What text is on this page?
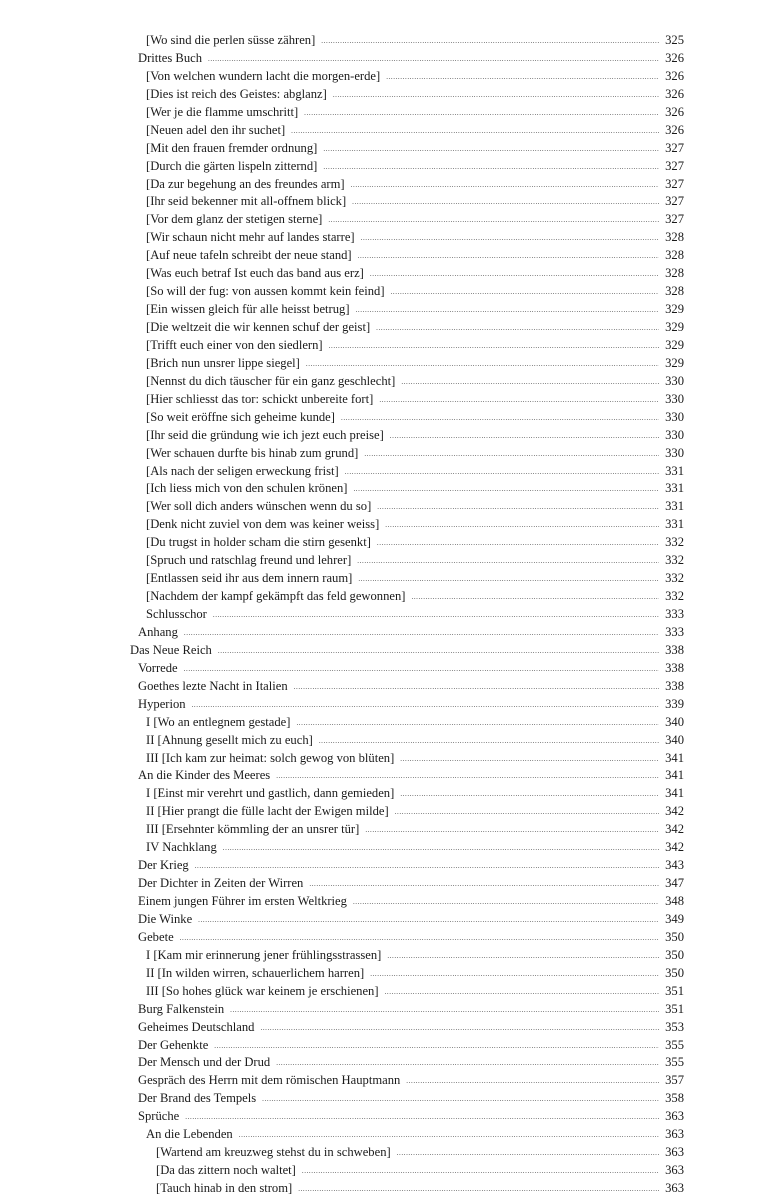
[Wo sind die perlen süsse zähren] .....	325
Drittes Buch .....	326
[Von welchen wundern lacht die morgen-erde] .....	326
[Dies ist reich des Geistes: abglanz] .....	326
[Wer je die flamme umschritt] .....	326
[Neuen adel den ihr suchet] .....	326
[Mit den frauen fremder ordnung] .....	327
[Durch die gärten lispeln zitternd] .....	327
[Da zur begehung an des freundes arm] .....	327
[Ihr seid bekenner mit all-offnem blick] .....	327
[Vor dem glanz der stetigen sterne] .....	327
[Wir schaun nicht mehr auf landes starre] .....	328
[Auf neue tafeln schreibt der neue stand] .....	328
[Was euch betraf Ist euch das band aus erz] .....	328
[So will der fug: von aussen kommt kein feind] .....	328
[Ein wissen gleich für alle heisst betrug] .....	329
[Die weltzeit die wir kennen schuf der geist] .....	329
[Trifft euch einer von den siedlern] .....	329
[Brich nun unsrer lippe siegel] .....	329
[Nennst du dich täuscher für ein ganz geschlecht] .....	330
[Hier schliesst das tor: schickt unbereite fort] .....	330
[So weit eröffne sich geheime kunde] .....	330
[Ihr seid die gründung wie ich jezt euch preise] .....	330
[Wer schauen durfte bis hinab zum grund] .....	330
[Als nach der seligen erweckung frist] .....	331
[Ich liess mich von den schulen krönen] .....	331
[Wer soll dich anders wünschen wenn du so] .....	331
[Denk nicht zuviel von dem was keiner weiss] .....	331
[Du trugst in holder scham die stirn gesenkt] .....	332
[Spruch und ratschlag freund und lehrer] .....	332
[Entlassen seid ihr aus dem innern raum] .....	332
[Nachdem der kampf gekämpft das feld gewonnen] .....	332
Schlusschor .....	333
Anhang .....	333
Das Neue Reich .....	338
Vorrede .....	338
Goethes lezte Nacht in Italien .....	338
Hyperion .....	339
I [Wo an entlegnem gestade] .....	340
II [Ahnung gesellt mich zu euch] .....	340
III [Ich kam zur heimat: solch gewog von blüten] .....	341
An die Kinder des Meeres .....	341
I [Einst mir verehrt und gastlich, dann gemieden] .....	341
II [Hier prangt die fülle lacht der Ewigen milde] .....	342
III [Ersehnter kömmling der an unsrer tür] .....	342
IV Nachklang .....	342
Der Krieg .....	343
Der Dichter in Zeiten der Wirren .....	347
Einem jungen Führer im ersten Weltkrieg .....	348
Die Winke .....	349
Gebete .....	350
I [Kam mir erinnerung jener frühlingsstrassen] .....	350
II [In wilden wirren, schauerlichem harren] .....	350
III [So hohes glück war keinem je erschienen] .....	351
Burg Falkenstein .....	351
Geheimes Deutschland .....	353
Der Gehenkte .....	355
Der Mensch und der Drud .....	355
Gespräch des Herrn mit dem römischen Hauptmann .....	357
Der Brand des Tempels .....	358
Sprüche .....	363
An die Lebenden .....	363
[Wartend am kreuzweg stehst du in schweben] .....	363
[Da das zittern noch waltet] .....	363
[Tauch hinab in den strom] .....	363
